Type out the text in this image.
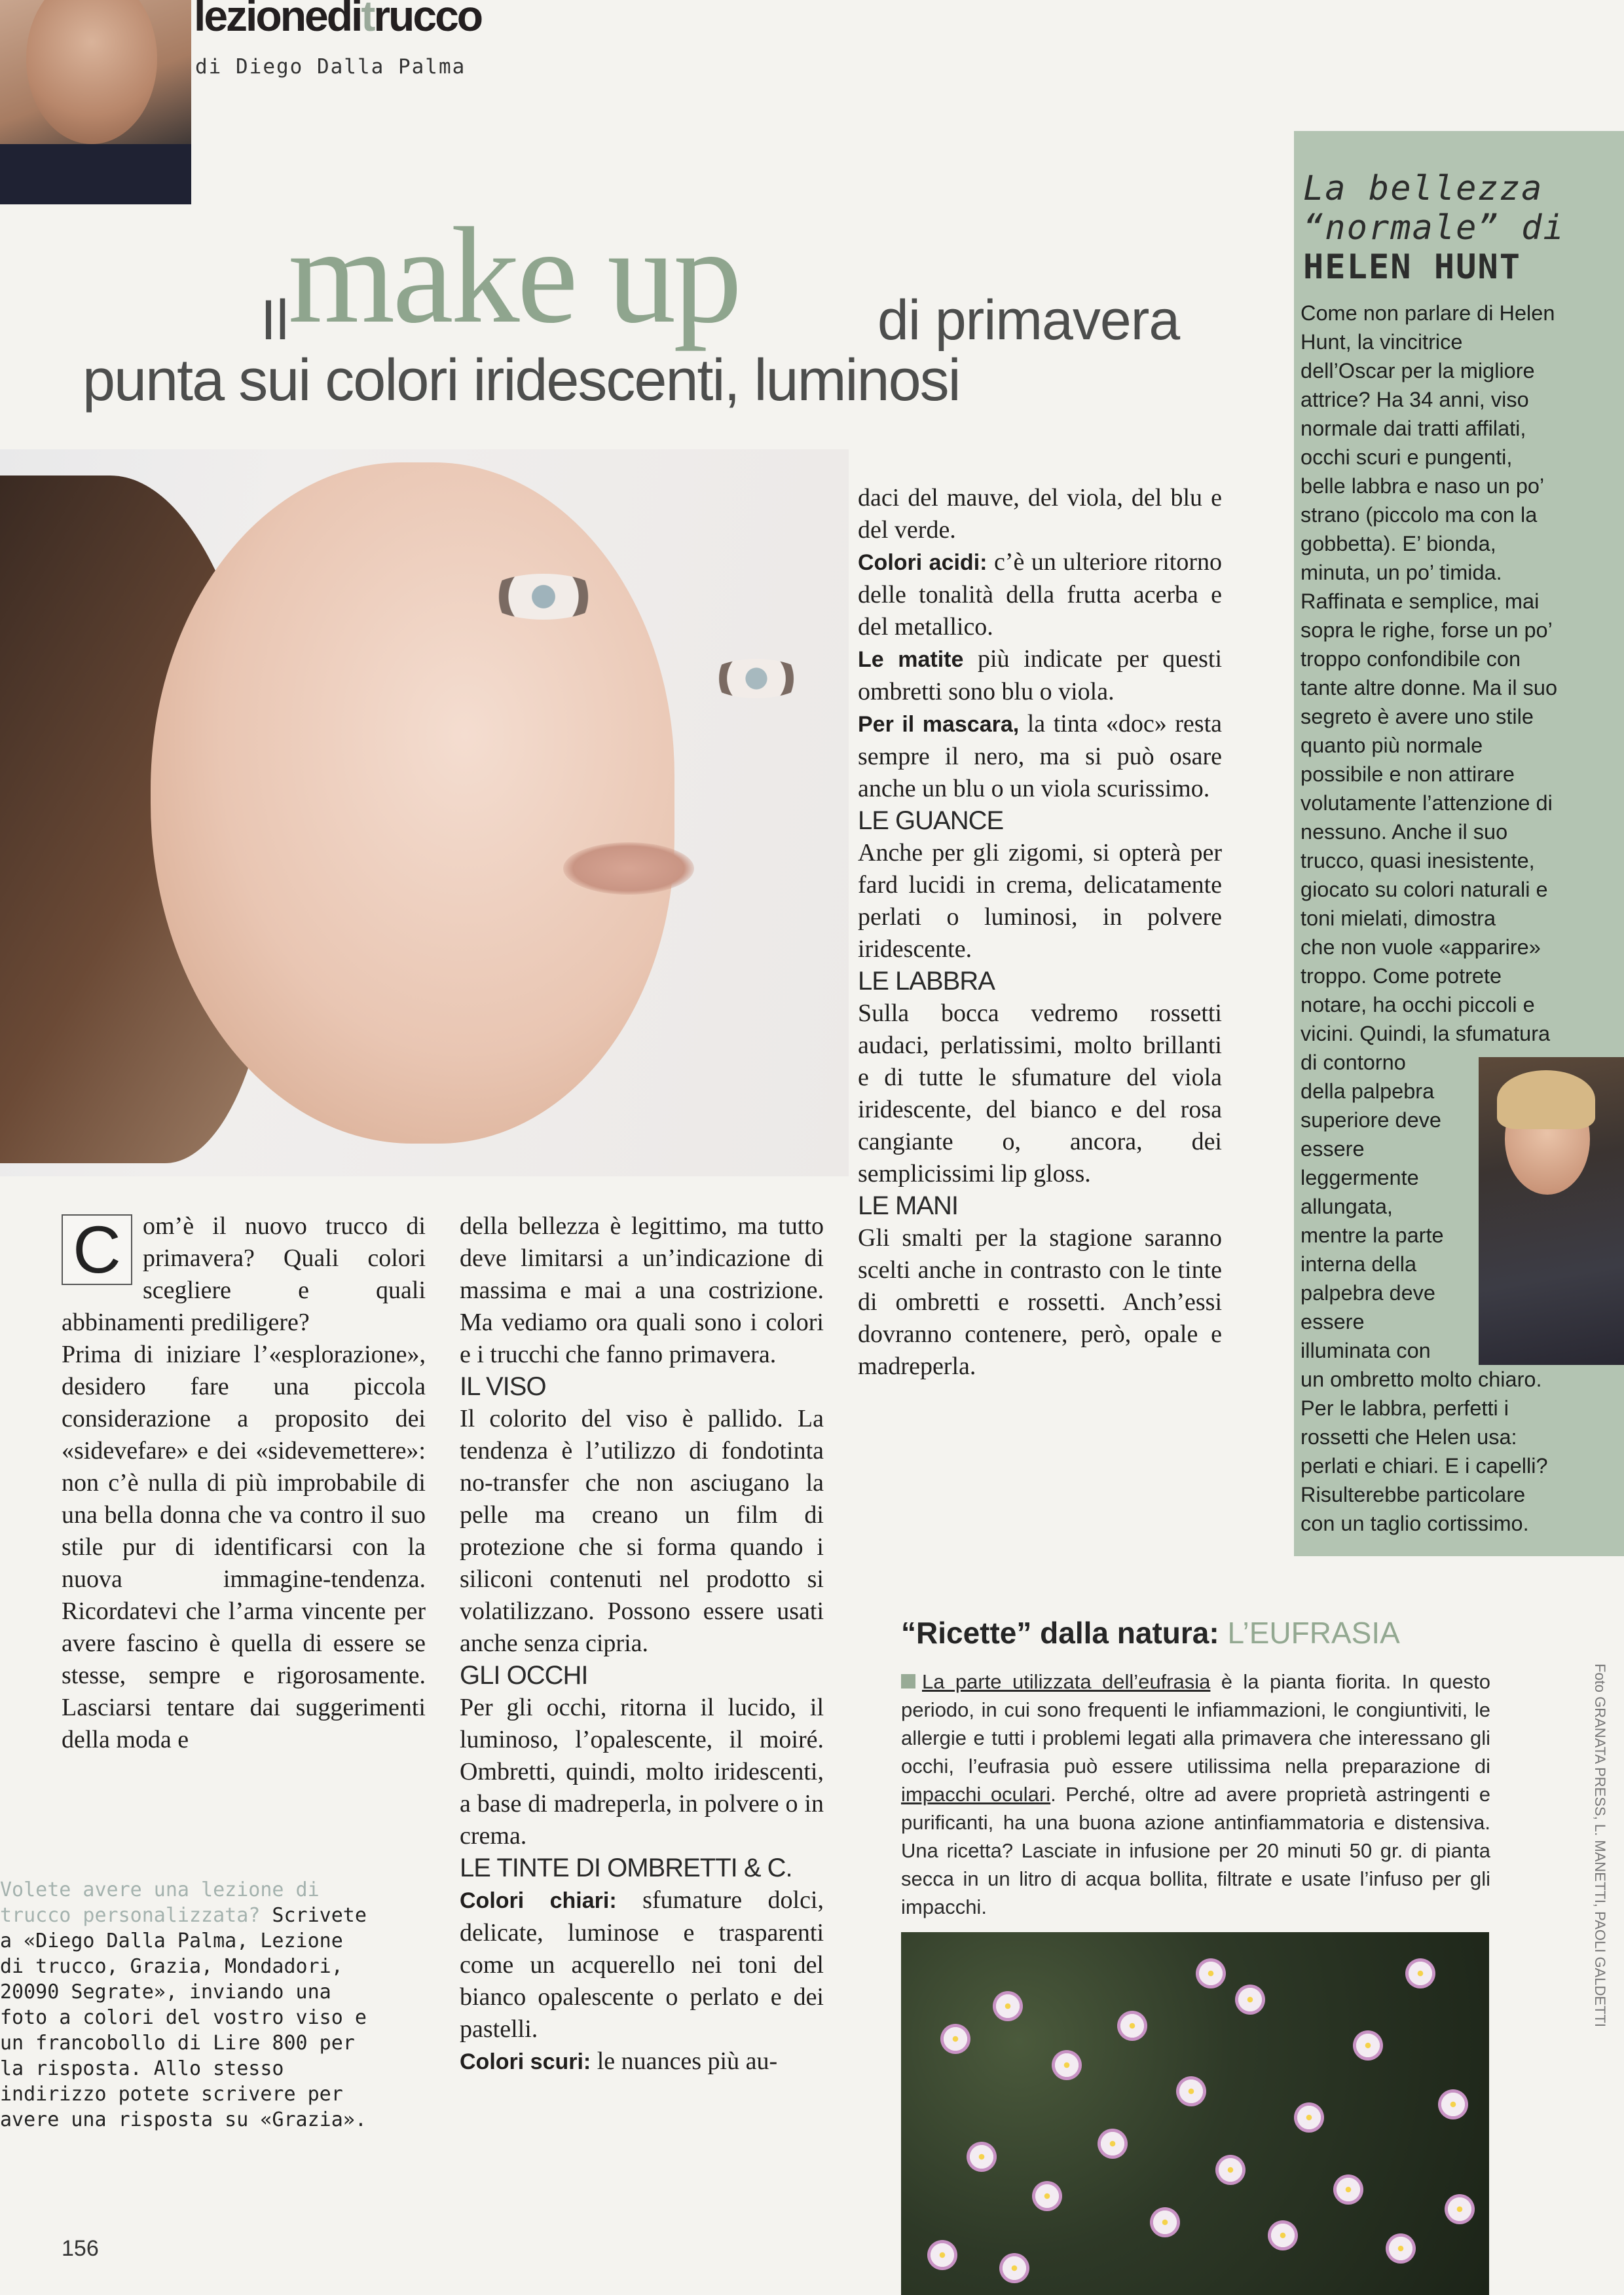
lezioneditrucco
di Diego Dalla Palma
Il make up di primavera
punta sui colori iridescenti, luminosi
C om’è il nuovo trucco di primavera? Quali colori scegliere e quali abbinamenti prediligere?

Prima di iniziare l’«esplorazione», desidero fare una piccola considerazione a proposito dei «sidevefare» e dei «sidevemettere»: non c’è nulla di più improbabile di una bella donna che va contro il suo stile pur di identificarsi con la nuova immagine-tendenza. Ricordatevi che l’arma vincente per avere fascino è quella di essere se stesse, sempre e rigorosamente. Lasciarsi tentare dai suggerimenti della moda e

della bellezza è legittimo, ma tutto deve limitarsi a un’indicazione di massima e mai a una costrizione. Ma vediamo ora quali sono i colori e i trucchi che fanno primavera.

IL VISO

Il colorito del viso è pallido. La tendenza è l’utilizzo di fondotinta no-transfer che non asciugano la pelle ma creano un film di protezione che si forma quando i siliconi contenuti nel prodotto si volatilizzano. Possono essere usati anche senza cipria.

GLI OCCHI

Per gli occhi, ritorna il lucido, il luminoso, l’opalescente, il moiré. Ombretti, quindi, molto iridescenti, a base di madreperla, in polvere o in crema.

LE TINTE DI OMBRETTI & C.

Colori chiari: sfumature dolci, delicate, luminose e trasparenti come un acquerello nei toni del bianco opalescente o perlato e dei pastelli.

Colori scuri: le nuances più au-

daci del mauve, del viola, del blu e del verde.

Colori acidi: c’è un ulteriore ritorno delle tonalità della frutta acerba e del metallico.

Le matite più indicate per questi ombretti sono blu o viola.

Per il mascara, la tinta «doc» resta sempre il nero, ma si può osare anche un blu o un viola scurissimo.

LE GUANCE

Anche per gli zigomi, si opterà per fard lucidi in crema, delicatamente perlati o luminosi, in polvere iridescente.

LE LABBRA

Sulla bocca vedremo rossetti audaci, perlatissimi, molto brillanti e di tutte le sfumature del viola iridescente, del bianco e del rosa cangiante o, ancora, dei semplicissimi lip gloss.

LE MANI

Gli smalti per la stagione saranno scelti anche in contrasto con le tinte di ombretti e rossetti. Anch’essi dovranno contenere, però, opale e madreperla.

Volete avere una lezione di
trucco personalizzata? Scrivete
a «Diego Dalla Palma, Lezione
di trucco, Grazia, Mondadori,
20090 Segrate», inviando una
foto a colori del vostro viso e
un francobollo di Lire 800 per
la risposta. Allo stesso
indirizzo potete scrivere per
avere una risposta su «Grazia».
156
La bellezza
“normale” di
HELEN HUNT
Come non parlare di Helen
Hunt, la vincitrice
dell’Oscar per la migliore
attrice? Ha 34 anni, viso
normale dai tratti affilati,
occhi scuri e pungenti,
belle labbra e naso un po’
strano (piccolo ma con la
gobbetta). E’ bionda,
minuta, un po’ timida.
Raffinata e semplice, mai
sopra le righe, forse un po’
troppo confondibile con
tante altre donne. Ma il suo
segreto è avere uno stile
quanto più normale
possibile e non attirare
volutamente l’attenzione di
nessuno. Anche il suo
trucco, quasi inesistente,
giocato su colori naturali e
toni mielati, dimostra
che non vuole «apparire»
troppo. Come potrete
notare, ha occhi piccoli e
vicini. Quindi, la sfumatura
di contorno
della palpebra
superiore deve
essere
leggermente
allungata,
mentre la parte
interna della
palpebra deve
essere
illuminata con
un ombretto molto chiaro.
Per le labbra, perfetti i
rossetti che Helen usa:
perlati e chiari. E i capelli?
Risulterebbe particolare
con un taglio cortissimo.
“Ricette” dalla natura: L’EUFRASIA
La parte utilizzata dell’eufrasia è la pianta fiorita. In questo periodo, in cui sono frequenti le infiammazioni, le congiuntiviti, le allergie e tutti i problemi legati alla primavera che interessano gli occhi, l’eufrasia può essere utilissima nella preparazione di impacchi oculari. Perché, oltre ad avere proprietà astringenti e purificanti, ha una buona azione antinfiammatoria e distensiva. Una ricetta? Lasciate in infusione per 20 minuti 50 gr. di pianta secca in un litro di acqua bollita, filtrate e usate l’infuso per gli impacchi.	Foto GRANATA PRESS, L. MANETTI, PAOLI GALDETTI
